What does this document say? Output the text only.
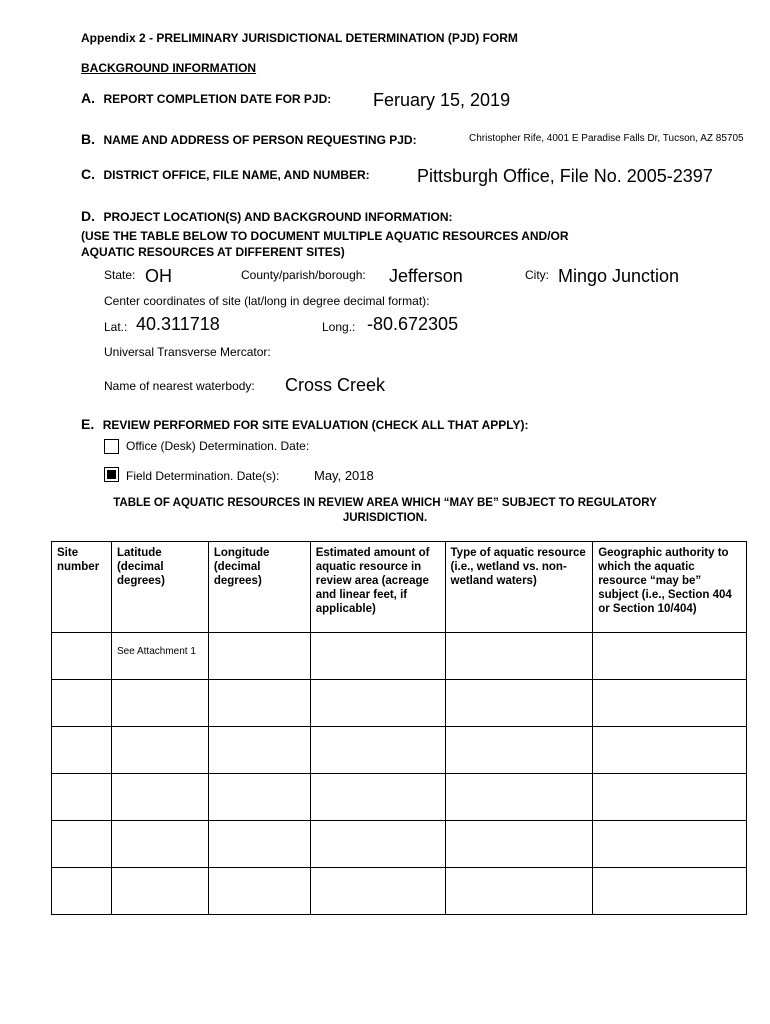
Appendix 2 - PRELIMINARY JURISDICTIONAL DETERMINATION (PJD) FORM
BACKGROUND INFORMATION
A. REPORT COMPLETION DATE FOR PJD: Feruary 15, 2019
B. NAME AND ADDRESS OF PERSON REQUESTING PJD:	Christopher Rife, 4001 E Paradise Falls Dr, Tucson, AZ 85705
C. DISTRICT OFFICE, FILE NAME, AND NUMBER:	Pittsburgh Office, File No. 2005-2397
D. PROJECT LOCATION(S) AND BACKGROUND INFORMATION:
(USE THE TABLE BELOW TO DOCUMENT MULTIPLE AQUATIC RESOURCES AND/OR
AQUATIC RESOURCES AT DIFFERENT SITES)
State: OH	County/parish/borough: Jefferson	City: Mingo Junction
Center coordinates of site (lat/long in degree decimal format):
Lat.: 40.311718	Long.: -80.672305
Universal Transverse Mercator:
Name of nearest waterbody: Cross Creek
E. REVIEW PERFORMED FOR SITE EVALUATION (CHECK ALL THAT APPLY):
Office (Desk) Determination. Date:
Field Determination. Date(s):	May, 2018
TABLE OF AQUATIC RESOURCES IN REVIEW AREA WHICH “MAY BE” SUBJECT TO REGULATORY
JURISDICTION.
Site number	Latitude (decimal degrees)	Longitude (decimal degrees)	Estimated amount of aquatic resource in review area (acreage and linear feet, if applicable)	Type of aquatic resource (i.e., wetland vs. non-wetland waters)	Geographic authority to which the aquatic resource “may be” subject (i.e., Section 404 or Section 10/404)
	See Attachment 1				
